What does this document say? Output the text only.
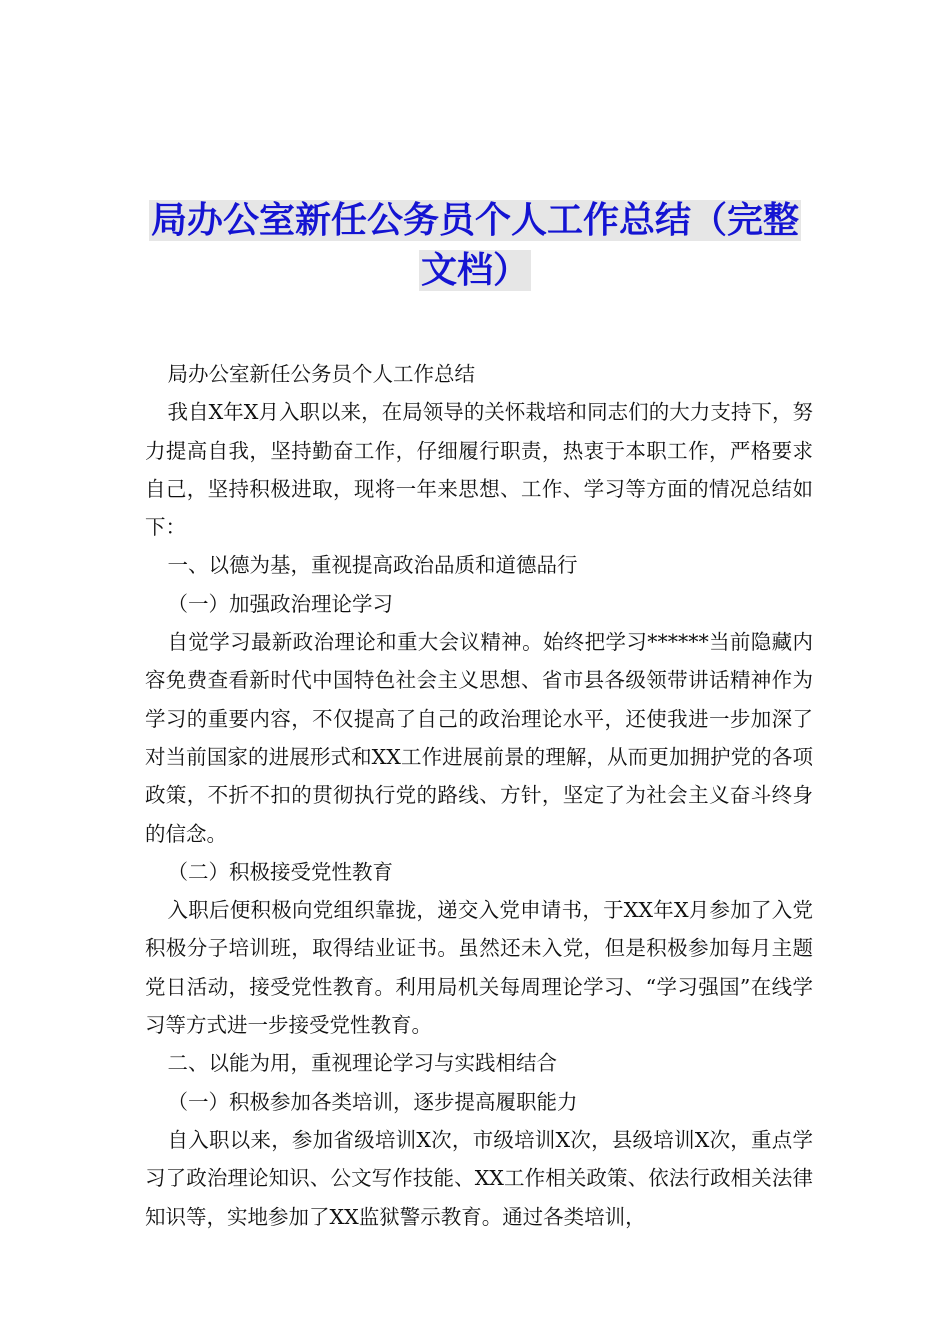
局办公室新任公务员个人工作总结（完整文档）

局办公室新任公务员个人工作总结

我自X年X月入职以来，在局领导的关怀栽培和同志们的大力支持下，努力提高自我，坚持勤奋工作，仔细履行职责，热衷于本职工作，严格要求自己，坚持积极进取，现将一年来思想、工作、学习等方面的情况总结如下：

一、以德为基，重视提高政治品质和道德品行

（一）加强政治理论学习

自觉学习最新政治理论和重大会议精神。始终把学习******当前隐藏内容免费查看新时代中国特色社会主义思想、省市县各级领带讲话精神作为学习的重要内容，不仅提高了自己的政治理论水平，还使我进一步加深了对当前国家的进展形式和XX工作进展前景的理解，从而更加拥护党的各项政策，不折不扣的贯彻执行党的路线、方针，坚定了为社会主义奋斗终身的信念。

（二）积极接受党性教育

入职后便积极向党组织靠拢，递交入党申请书，于XX年X月参加了入党积极分子培训班，取得结业证书。虽然还未入党，但是积极参加每月主题党日活动，接受党性教育。利用局机关每周理论学习、“学习强国”在线学习等方式进一步接受党性教育。

二、以能为用，重视理论学习与实践相结合

（一）积极参加各类培训，逐步提高履职能力

自入职以来，参加省级培训X次，市级培训X次，县级培训X次，重点学习了政治理论知识、公文写作技能、XX工作相关政策、依法行政相关法律知识等，实地参加了XX监狱警示教育。通过各类培训，
